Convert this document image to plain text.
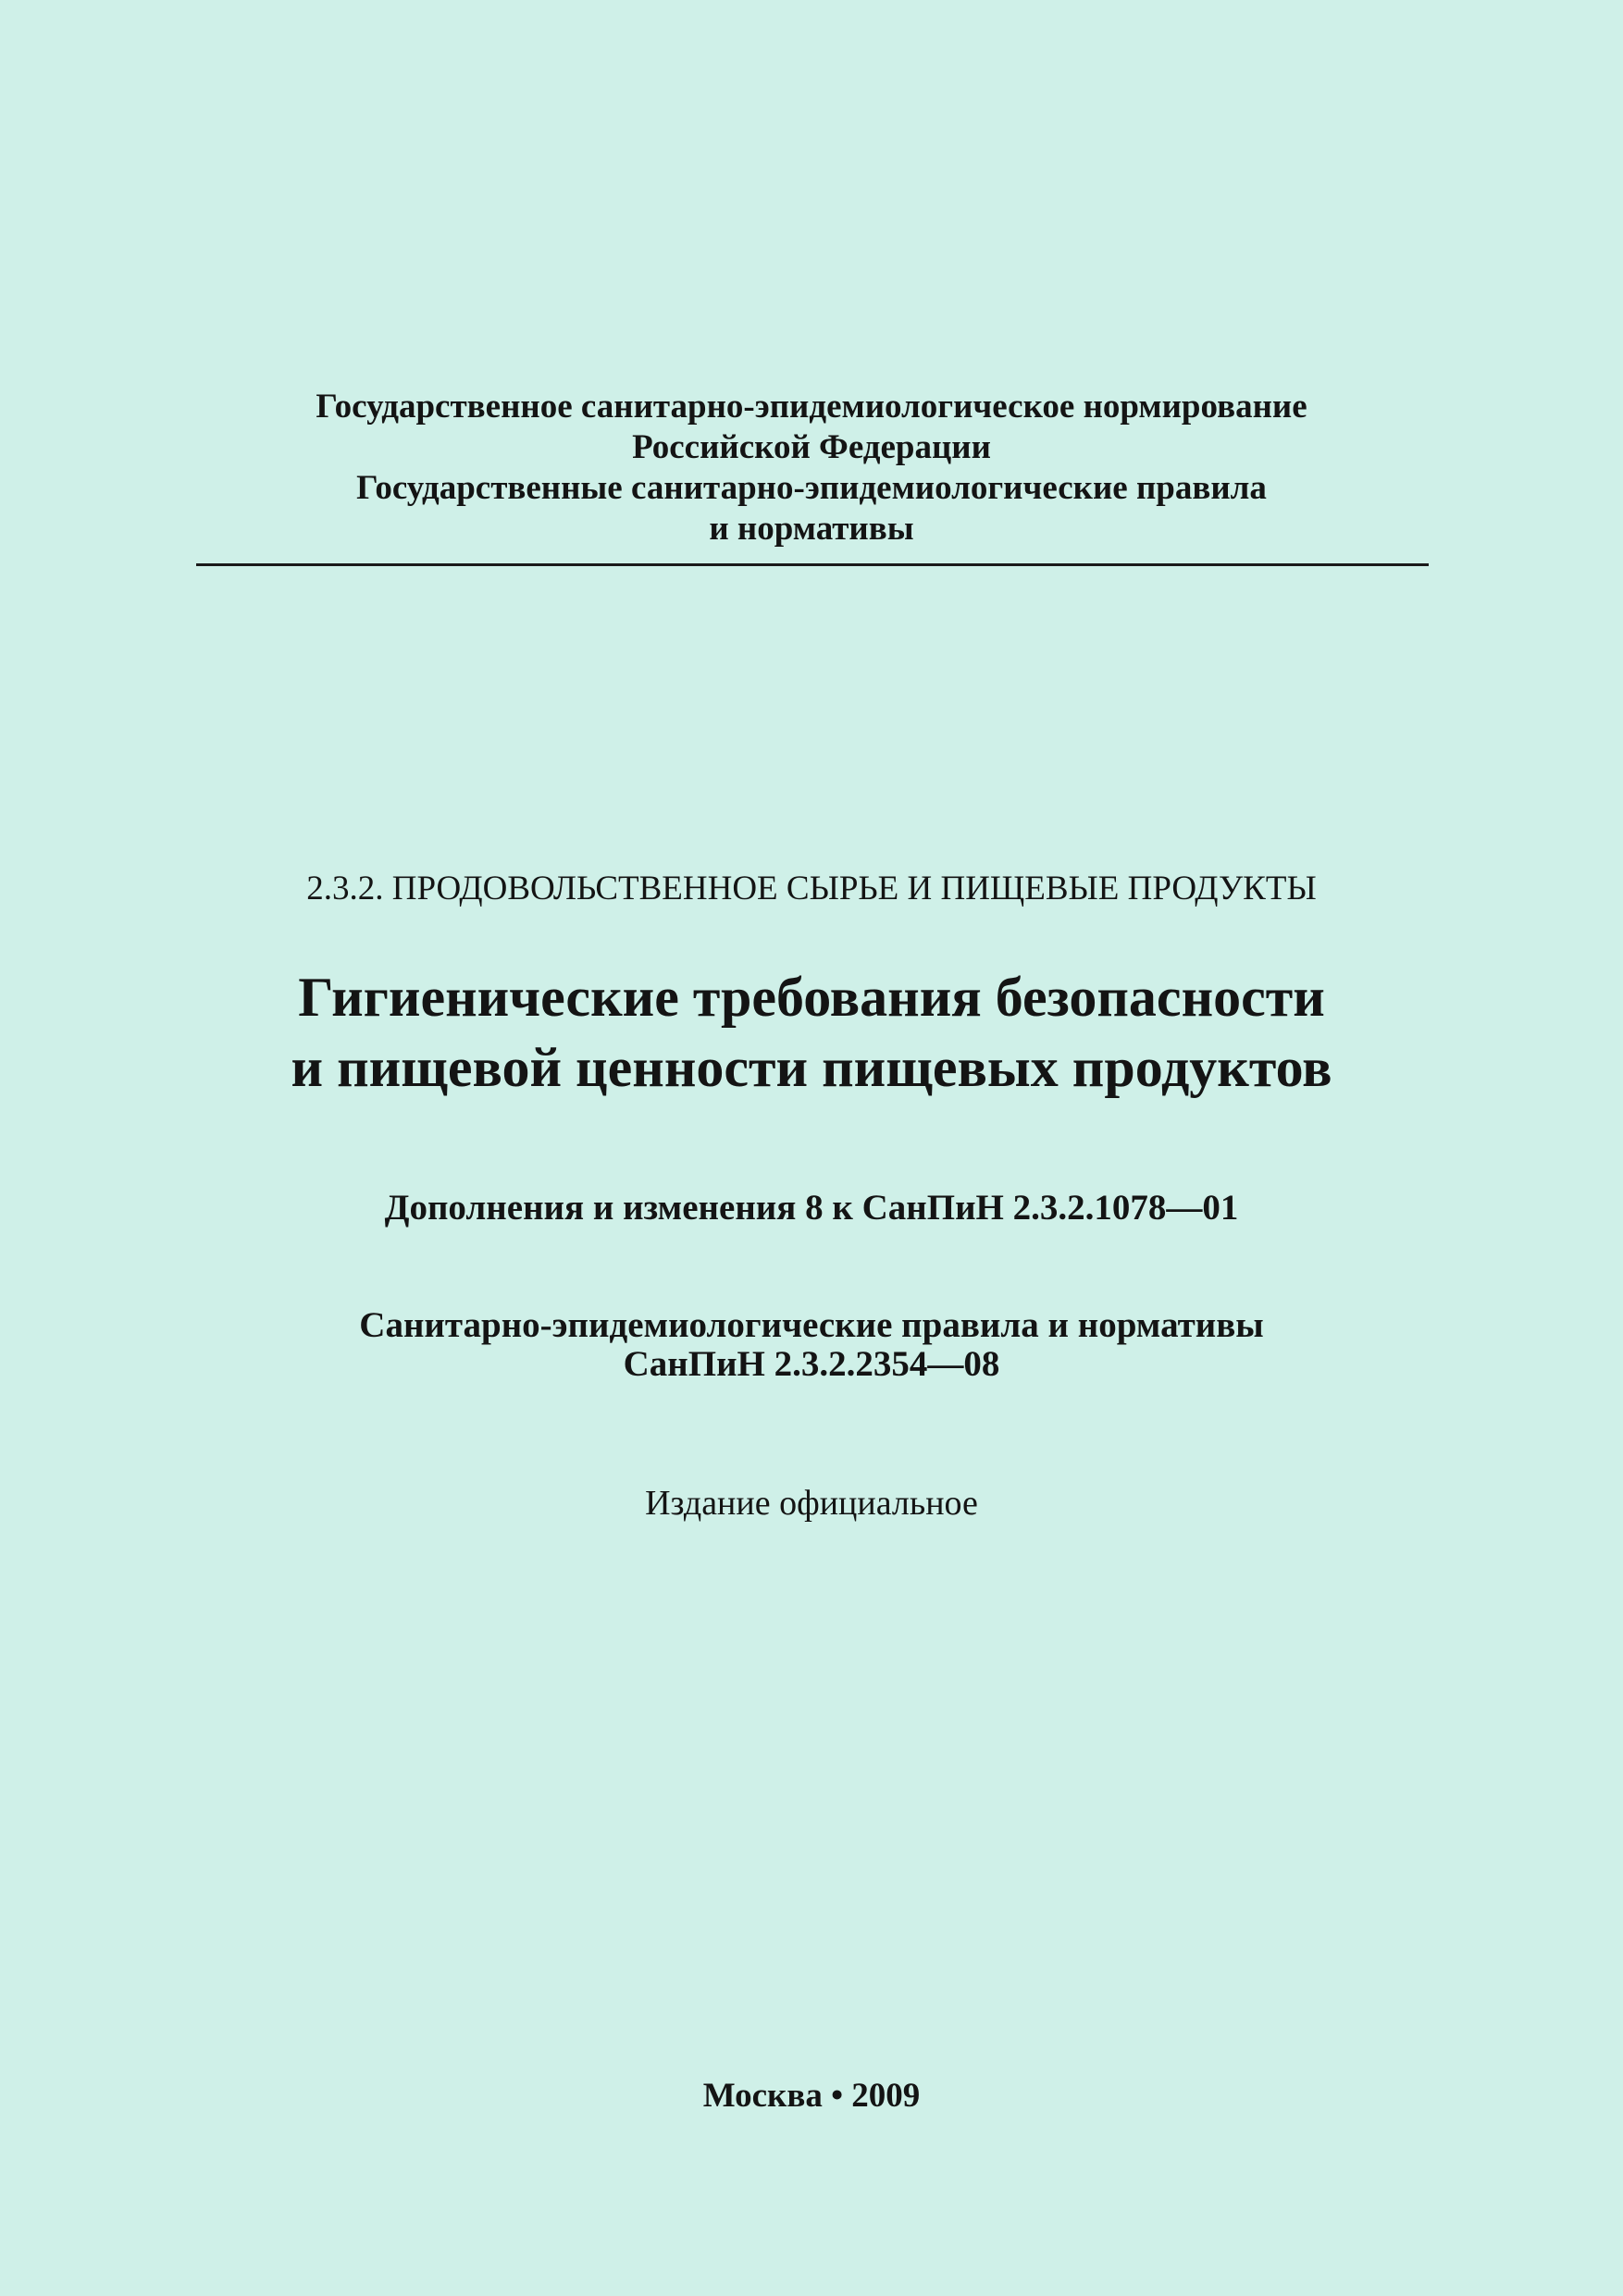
Государственное санитарно-эпидемиологическое нормирование
Российской Федерации
Государственные санитарно-эпидемиологические правила
и нормативы
2.3.2. ПРОДОВОЛЬСТВЕННОЕ СЫРЬЕ И ПИЩЕВЫЕ ПРОДУКТЫ
Гигиенические требования безопасности
и пищевой ценности пищевых продуктов
Дополнения и изменения 8 к СанПиН 2.3.2.1078—01
Санитарно-эпидемиологические правила и нормативы
СанПиН 2.3.2.2354—08
Издание официальное
Москва • 2009
